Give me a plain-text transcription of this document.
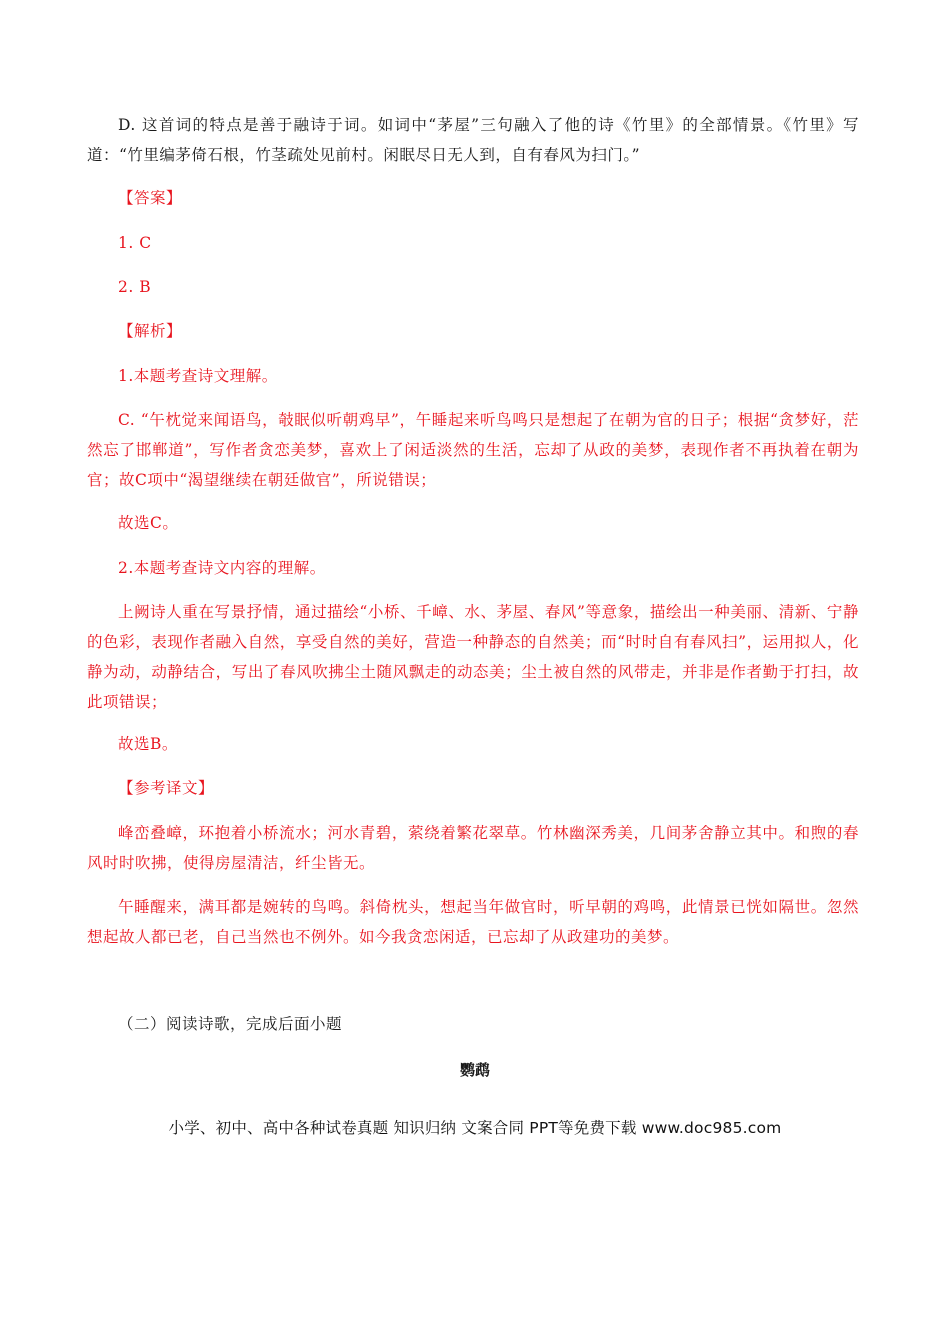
D. 这首词的特点是善于融诗于词。如词中“茅屋”三句融入了他的诗《竹里》的全部情景。《竹里》写道：“竹里编茅倚石根，竹茎疏处见前村。闲眠尽日无人到，自有春风为扫门。”

【答案】

1. C

2. B

【解析】

1.本题考查诗文理解。

C. “午枕觉来闻语鸟，攲眠似听朝鸡早”，午睡起来听鸟鸣只是想起了在朝为官的日子；根据“贪梦好，茫然忘了邯郸道”，写作者贪恋美梦，喜欢上了闲适淡然的生活，忘却了从政的美梦，表现作者不再执着在朝为官；故C项中“渴望继续在朝廷做官”，所说错误；

故选C。

2.本题考查诗文内容的理解。

上阙诗人重在写景抒情，通过描绘“小桥、千嶂、水、茅屋、春风”等意象，描绘出一种美丽、清新、宁静的色彩，表现作者融入自然，享受自然的美好，营造一种静态的自然美；而“时时自有春风扫”，运用拟人，化静为动，动静结合，写出了春风吹拂尘土随风飘走的动态美；尘土被自然的风带走，并非是作者勤于打扫，故此项错误；

故选B。

【参考译文】

峰峦叠嶂，环抱着小桥流水；河水青碧，萦绕着繁花翠草。竹林幽深秀美，几间茅舍静立其中。和煦的春风时时吹拂，使得房屋清洁，纤尘皆无。

午睡醒来，满耳都是婉转的鸟鸣。斜倚枕头，想起当年做官时，听早朝的鸡鸣，此情景已恍如隔世。忽然想起故人都已老，自己当然也不例外。如今我贪恋闲适，已忘却了从政建功的美梦。

（二）阅读诗歌，完成后面小题

鹦鹉
小学、初中、高中各种试卷真题 知识归纳 文案合同 PPT等免费下载 www.doc985.com
